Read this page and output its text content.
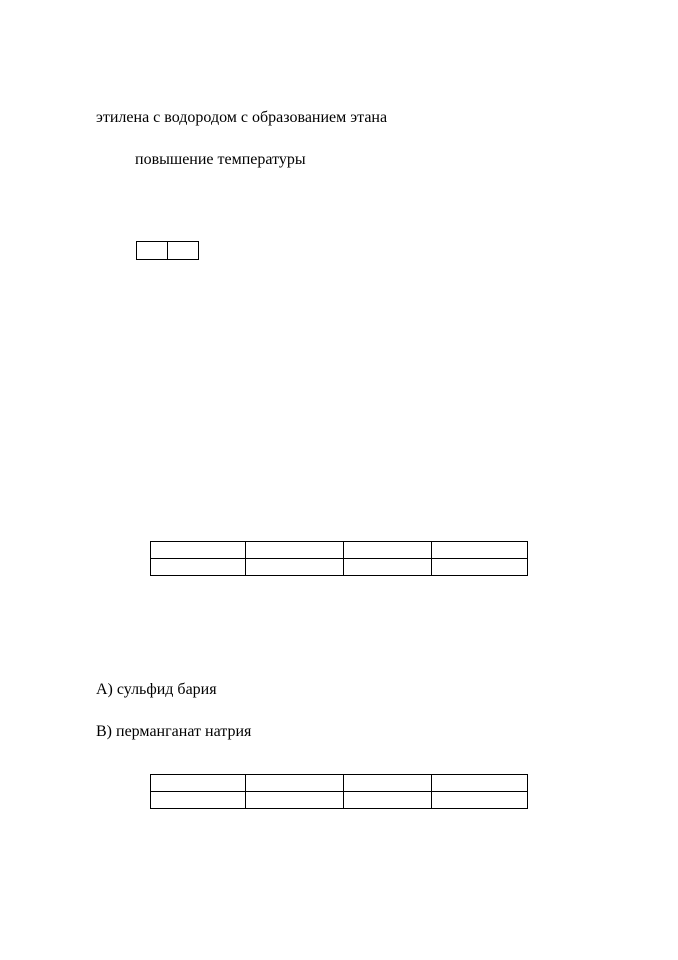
этилена с водородом с образованием этана
повышение температуры

А) сульфид бария
В) перманганат натрия
